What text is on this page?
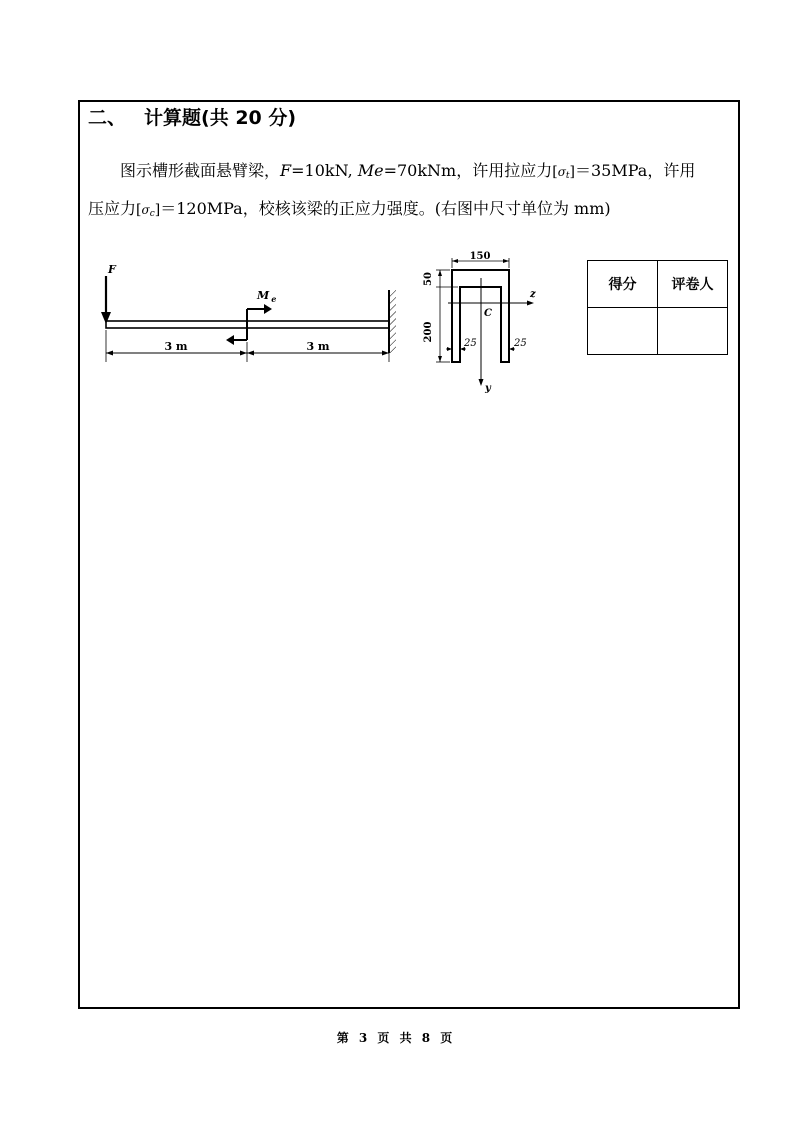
二、 计算题(共 20 分)
图示槽形截面悬臂梁，F=10kN, Me=70kNm，许用拉应力$[\sigma_t]=35MPa$，许用
压应力$[\sigma_c]=120MPa$，校核该梁的正应力强度。(右图中尺寸单位为 mm)
F
M $_e$
3 m	3 m
150
50
200
25	25
z
y
C
得分	评卷人

第 3 页 共 8 页
